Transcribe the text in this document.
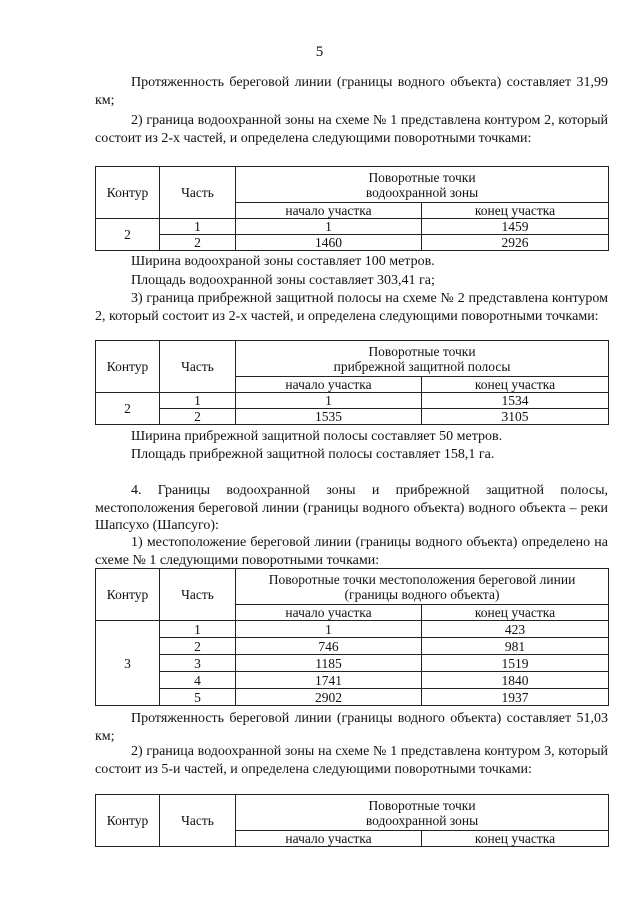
5

Протяженность береговой линии (границы водного объекта) составляет 31,99 км;

2) граница водоохранной зоны на схеме № 1 представлена контуром 2, который состоит из 2-х частей, и определена следующими поворотными точками:

Контур	Часть	Поворотные точки
водоохранной зоны	

		начало участка	конец участка
2	1	1	1459
	2	1460	2926
Ширина водоохраной зоны составляет 100 метров.
Площадь водоохранной зоны составляет 303,41 га;

3) граница прибрежной защитной полосы на схеме № 2 представлена контуром 2, который состоит из 2-х частей, и определена следующими поворотными точками:

Контур	Часть	Поворотные точки
прибрежной защитной полосы	

		начало участка	конец участка
2	1	1	1534
	2	1535	3105
Ширина прибрежной защитной полосы составляет 50 метров.
Площадь прибрежной защитной полосы составляет 158,1 га.

4. Границы водоохранной зоны и прибрежной защитной полосы, местоположения береговой линии (границы водного объекта) водного объекта – реки Шапсухо (Шапсуго):

1) местоположение береговой линии (границы водного объекта) определено на схеме № 1 следующими поворотными точками:

Контур	Часть	Поворотные точки местоположения береговой линии
(границы водного объекта)	

		начало участка	конец участка
3	1	1	423
	2	746	981
	3	1185	1519
	4	1741	1840
	5	2902	1937

Протяженность береговой линии (границы водного объекта) составляет 51,03 км;

2) граница водоохранной зоны на схеме № 1 представлена контуром 3, который состоит из 5-и частей, и определена следующими поворотными точками:

Контур	Часть	Поворотные точки
водоохранной зоны	

		начало участка	конец участка
